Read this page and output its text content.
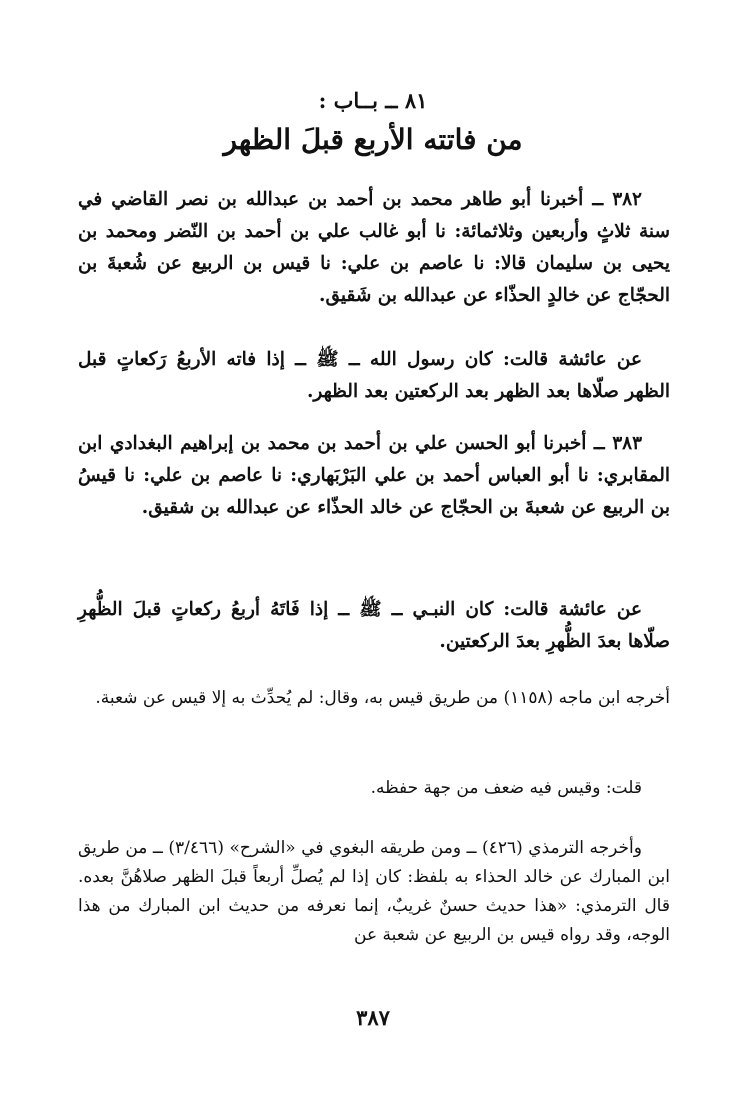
٨١ ــ بــاب :
من فاتته الأربع قبلَ الظهر

٣٨٢ ــ أخبرنا أبو طاهر محمد بن أحمد بن عبدالله بن نصر القاضي في سنة ثلاثٍ وأربعين وثلاثمائة: نا أبو غالب علي بن أحمد بن النّضر ومحمد بن يحيى بن سليمان قالا: نا عاصم بن علي: نا قيس بن الربيع عن شُعبةَ بن الحجّاج عن خالدٍ الحذّاء عن عبدالله بن شَقيق.

عن عائشة قالت: كان رسول الله ــ ﷺ ــ إذا فاته الأربعُ رَكعاتٍ قبل الظهر صلّاها بعد الظهر بعد الركعتين بعد الظهر.

٣٨٣ ــ أخبرنا أبو الحسن علي بن أحمد بن محمد بن إبراهيم البغدادي ابن المقابري: نا أبو العباس أحمد بن علي البَرْبَهاري: نا عاصم بن علي: نا قيسُ بن الربيع عن شعبةَ بن الحجّاج عن خالد الحذّاء عن عبدالله بن شقيق.

عن عائشة قالت: كان النبـي ــ ﷺ ــ إذا فَاتَهُ أربعُ ركعاتٍ قبلَ الظُّهرِ صلّاها بعدَ الظُّهرِ بعدَ الركعتين.

أخرجه ابن ماجه (١١٥٨) من طريق قيس به، وقال: لم يُحدِّث به إلا قيس عن شعبة.

قلت: وقيس فيه ضعف من جهة حفظه.

وأخرجه الترمذي (٤٢٦) ــ ومن طريقه البغوي في «الشرح» (٣/٤٦٦) ــ من طريق ابن المبارك عن خالد الحذاء به بلفظ: كان إذا لم يُصلِّ أربعاً قبلَ الظهر صلاهُنَّ بعده. قال الترمذي: «هذا حديث حسنٌ غريبٌ، إنما نعرفه من حديث ابن المبارك من هذا الوجه، وقد رواه قيس بن الربيع عن شعبة عن

٣٨٧
